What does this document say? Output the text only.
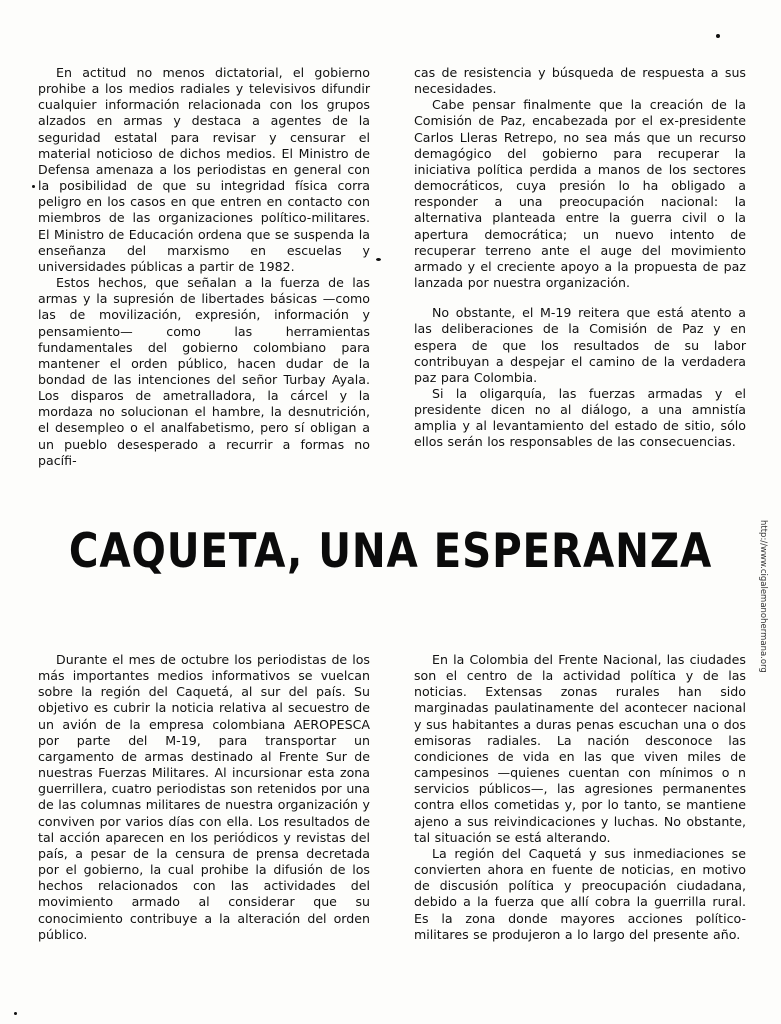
En actitud no menos dictatorial, el gobierno prohibe a los medios radiales y televisivos difundir cualquier información relacionada con los grupos alzados en armas y destaca a agentes de la seguridad estatal para revisar y censurar el material noticioso de dichos medios. El Ministro de Defensa amenaza a los periodistas en general con la posibilidad de que su integridad física corra peligro en los casos en que entren en contacto con miembros de las organizaciones político-militares. El Ministro de Educación ordena que se suspenda la enseñanza del marxismo en escuelas y universidades públicas a partir de 1982.

Estos hechos, que señalan a la fuerza de las armas y la supresión de libertades básicas —como las de movilización, expresión, información y pensamiento— como las herramientas fundamentales del gobierno colombiano para mantener el orden público, hacen dudar de la bondad de las intenciones del señor Turbay Ayala. Los disparos de ametralladora, la cárcel y la mordaza no solucionan el hambre, la desnutrición, el desempleo o el analfabetismo, pero sí obligan a un pueblo desesperado a recurrir a formas no pacífi-

cas de resistencia y búsqueda de respuesta a sus necesidades.

Cabe pensar finalmente que la creación de la Comisión de Paz, encabezada por el ex-presidente Carlos Lleras Retrepo, no sea más que un recurso demagógico del gobierno para recuperar la iniciativa política perdida a manos de los sectores democráticos, cuya presión lo ha obligado a responder a una preocupación nacional: la alternativa planteada entre la guerra civil o la apertura democrática; un nuevo intento de recuperar terreno ante el auge del movimiento armado y el creciente apoyo a la propuesta de paz lanzada por nuestra organización.

No obstante, el M-19 reitera que está atento a las deliberaciones de la Comisión de Paz y en espera de que los resultados de su labor contribuyan a despejar el camino de la verdadera paz para Colombia.

Si la oligarquía, las fuerzas armadas y el presidente dicen no al diálogo, a una amnistía amplia y al levantamiento del estado de sitio, sólo ellos serán los responsables de las consecuencias.

CAQUETA, UNA ESPERANZA

Durante el mes de octubre los periodistas de los más importantes medios informativos se vuelcan sobre la región del Caquetá, al sur del país. Su objetivo es cubrir la noticia relativa al secuestro de un avión de la empresa colombiana AEROPESCA por parte del M-19, para transportar un cargamento de armas destinado al Frente Sur de nuestras Fuerzas Militares. Al incursionar esta zona guerrillera, cuatro periodistas son retenidos por una de las columnas militares de nuestra organización y conviven por varios días con ella. Los resultados de tal acción aparecen en los periódicos y revistas del país, a pesar de la censura de prensa decretada por el gobierno, la cual prohibe la difusión de los hechos relacionados con las actividades del movimiento armado al considerar que su conocimiento contribuye a la alteración del orden público.

En la Colombia del Frente Nacional, las ciudades son el centro de la actividad política y de las noticias. Extensas zonas rurales han sido marginadas paulatinamente del acontecer nacional y sus habitantes a duras penas escuchan una o dos emisoras radiales. La nación desconoce las condiciones de vida en las que viven miles de campesinos —quienes cuentan con mínimos o n servicios públicos—, las agresiones permanentes contra ellos cometidas y, por lo tanto, se mantiene ajeno a sus reivindicaciones y luchas. No obstante, tal situación se está alterando.

La región del Caquetá y sus inmediaciones se convierten ahora en fuente de noticias, en motivo de discusión política y preocupación ciudadana, debido a la fuerza que allí cobra la guerrilla rural. Es la zona donde mayores acciones político-militares se produjeron a lo largo del presente año.

http://www.cigalemanohermana.org
